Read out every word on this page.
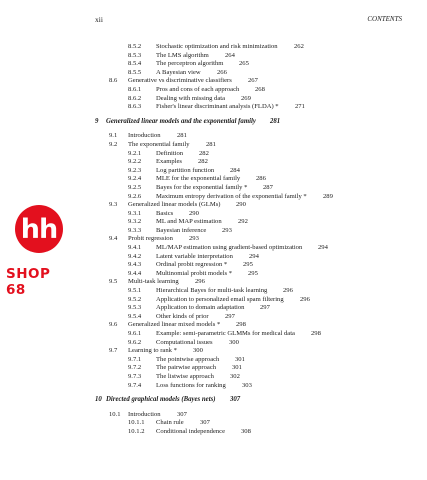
xii	CONTENTS
8.5.2 Stochastic optimization and risk minimization 262
8.5.3 The LMS algorithm 264
8.5.4 The perceptron algorithm 265
8.5.5 A Bayesian view 266
8.6 Generative vs discriminative classifiers 267
8.6.1 Pros and cons of each approach 268
8.6.2 Dealing with missing data 269
8.6.3 Fisher's linear discriminant analysis (FLDA) * 271
9 Generalized linear models and the exponential family 281
9.1 Introduction 281
9.2 The exponential family 281
9.2.1 Definition 282
9.2.2 Examples 282
9.2.3 Log partition function 284
9.2.4 MLE for the exponential family 286
9.2.5 Bayes for the exponential family * 287
9.2.6 Maximum entropy derivation of the exponential family * 289
9.3 Generalized linear models (GLMs) 290
9.3.1 Basics 290
9.3.2 ML and MAP estimation 292
9.3.3 Bayesian inference 293
9.4 Probit regression 293
9.4.1 ML/MAP estimation using gradient-based optimization 294
9.4.2 Latent variable interpretation 294
9.4.3 Ordinal probit regression * 295
9.4.4 Multinomial probit models * 295
9.5 Multi-task learning 296
9.5.1 Hierarchical Bayes for multi-task learning 296
9.5.2 Application to personalized email spam filtering 296
9.5.3 Application to domain adaptation 297
9.5.4 Other kinds of prior 297
9.6 Generalized linear mixed models * 298
9.6.1 Example: semi-parametric GLMMs for medical data 298
9.6.2 Computational issues 300
9.7 Learning to rank * 300
9.7.1 The pointwise approach 301
9.7.2 The pairwise approach 301
9.7.3 The listwise approach 302
9.7.4 Loss functions for ranking 303
10 Directed graphical models (Bayes nets) 307
10.1 Introduction 307
10.1.1 Chain rule 307
10.1.2 Conditional independence 308
hh
SHOP 68
